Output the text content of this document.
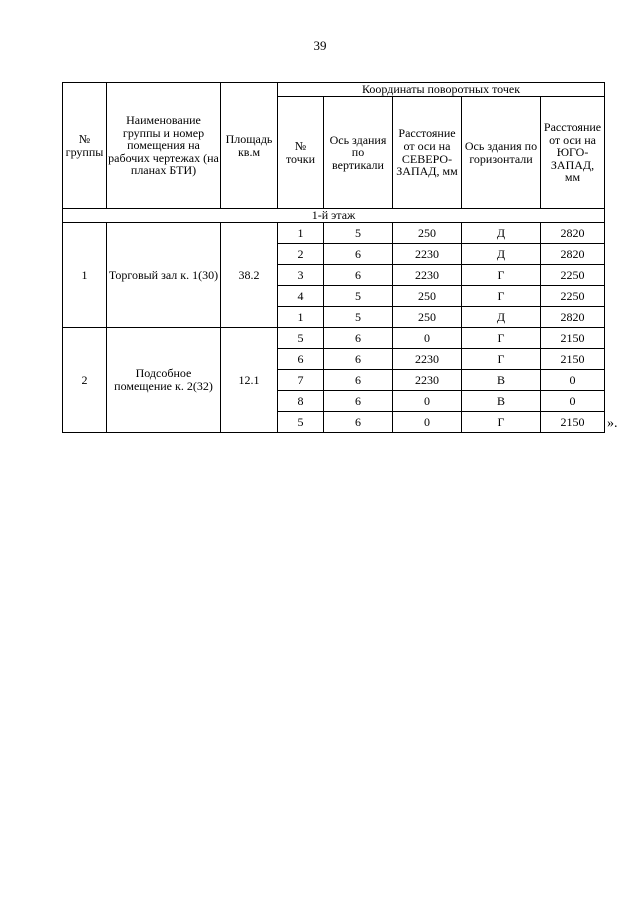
39
№ группы	Наименование группы и номер помещения на рабочих чертежах (на планах БТИ)	Площадь кв.м	Координаты поворотных точек				
			№ точки	Ось здания по вертикали	Расстояние от оси на СЕВЕРО-ЗАПАД, мм	Ось здания по горизонтали	Расстояние от оси на ЮГО-ЗАПАД, мм
1-й этаж							
1	Торговый зал к. 1(30)	38.2	1	5	250	Д	2820
			2	6	2230	Д	2820
			3	6	2230	Г	2250
			4	5	250	Г	2250
			1	5	250	Д	2820
2	Подсобное помещение к. 2(32)	12.1	5	6	0	Г	2150
			6	6	2230	Г	2150
			7	6	2230	В	0
			8	6	0	В	0
			5	6	0	Г	2150 ».
